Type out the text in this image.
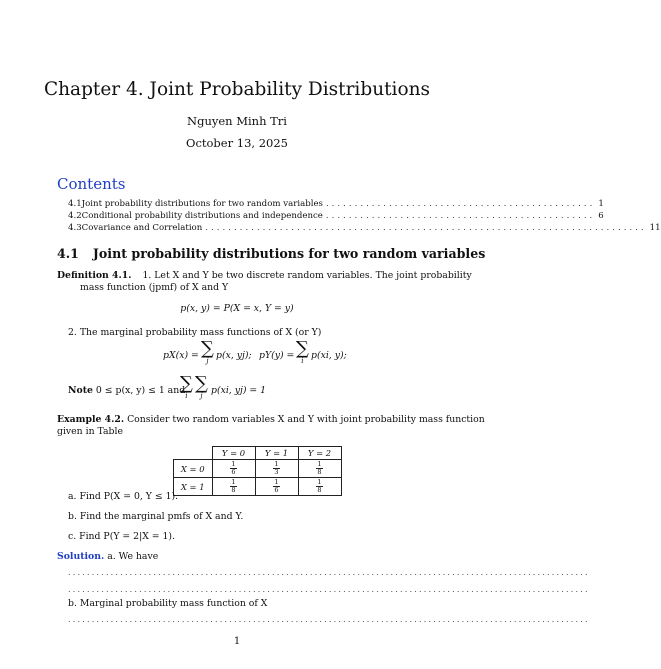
Chapter 4. Joint Probability Distributions
Nguyen Minh Tri
October 13, 2025
Contents
4.1 Joint probability distributions for two random variables ............................................... 1
4.2 Conditional probability distributions and independence ............................................... 6
4.3 Covariance and Correlation ............................................................................. 11
4.1 Joint probability distributions for two random variables
Definition 4.1. 1. Let X and Y be two discrete random variables. The joint probability
mass function (jpmf) of X and Y
p(x, y) = P(X = x, Y = y)
2. The marginal probability mass functions of X (or Y)
pX(x) = ∑
j p(x, yj); pY(y) = ∑
i p(xi, y);
Note 0 ≤ p(x, y) ≤ 1 and
∑
i
∑
j p(xi, yj) = 1
Example 4.2. Consider two random variables X and Y with joint probability mass function
given in Table
	Y = 0	Y = 1	Y = 2
X = 0	$\frac{1}{6}$	$\frac{1}{3}$	$\frac{1}{8}$

X = 1	$\frac{1}{8}$	$\frac{1}{6}$	$\frac{1}{8}$
a. Find P(X = 0, Y ≤ 1).
b. Find the marginal pmfs of X and Y.
c. Find P(Y = 2|X = 1).
Solution. a. We have
..............................................................................................................
..............................................................................................................
b. Marginal probability mass function of X
..............................................................................................................
1
